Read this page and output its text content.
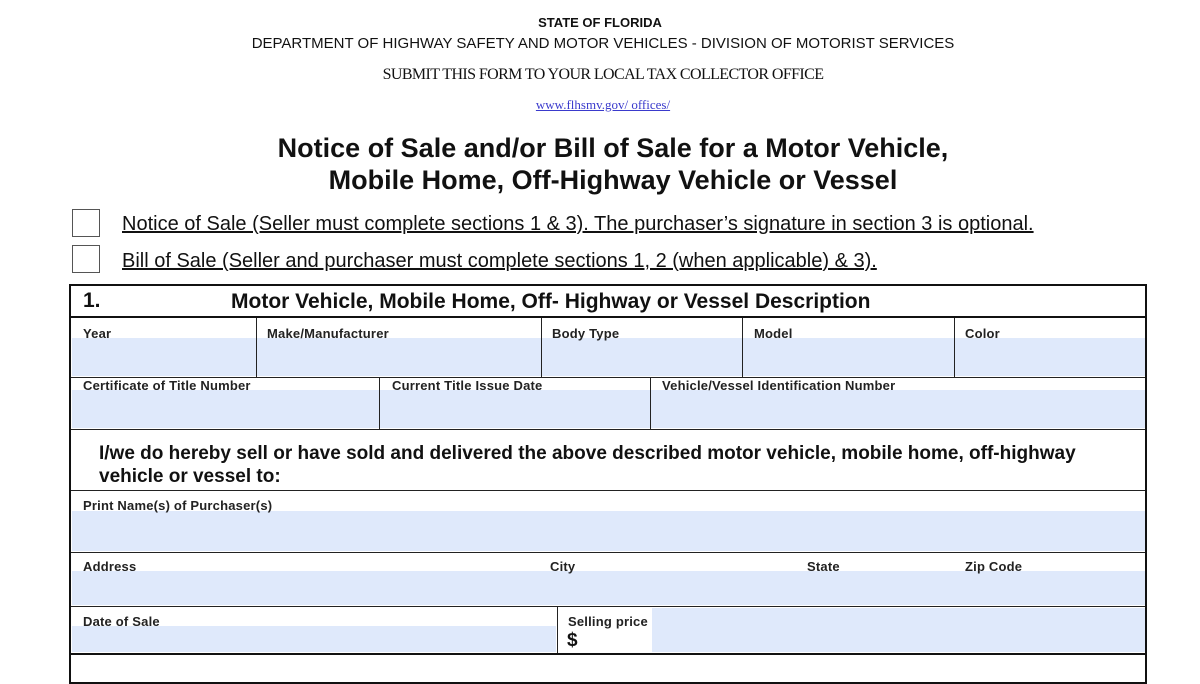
STATE OF FLORIDA
DEPARTMENT OF HIGHWAY SAFETY AND MOTOR VEHICLES - DIVISION OF MOTORIST SERVICES
SUBMIT THIS FORM TO YOUR LOCAL TAX COLLECTOR OFFICE
www.flhsmv.gov/ offices/
Notice of Sale and/or Bill of Sale for a Motor Vehicle,
Mobile Home, Off-Highway Vehicle or Vessel
Notice of Sale (Seller must complete sections 1 & 3). The purchaser’s signature in section 3 is optional.
Bill of Sale (Seller and purchaser must complete sections 1, 2 (when applicable) & 3).
1.	Motor Vehicle, Mobile Home, Off- Highway or Vessel Description
Year	Make/Manufacturer	Body Type	Model	Color
Certificate of Title Number	Current Title Issue Date	Vehicle/Vessel Identification Number
I/we do hereby sell or have sold and delivered the above described motor vehicle, mobile home, off-highway vehicle or vessel to:
Print Name(s) of Purchaser(s)
Address	City	State	Zip Code
Date of Sale	Selling price
$
